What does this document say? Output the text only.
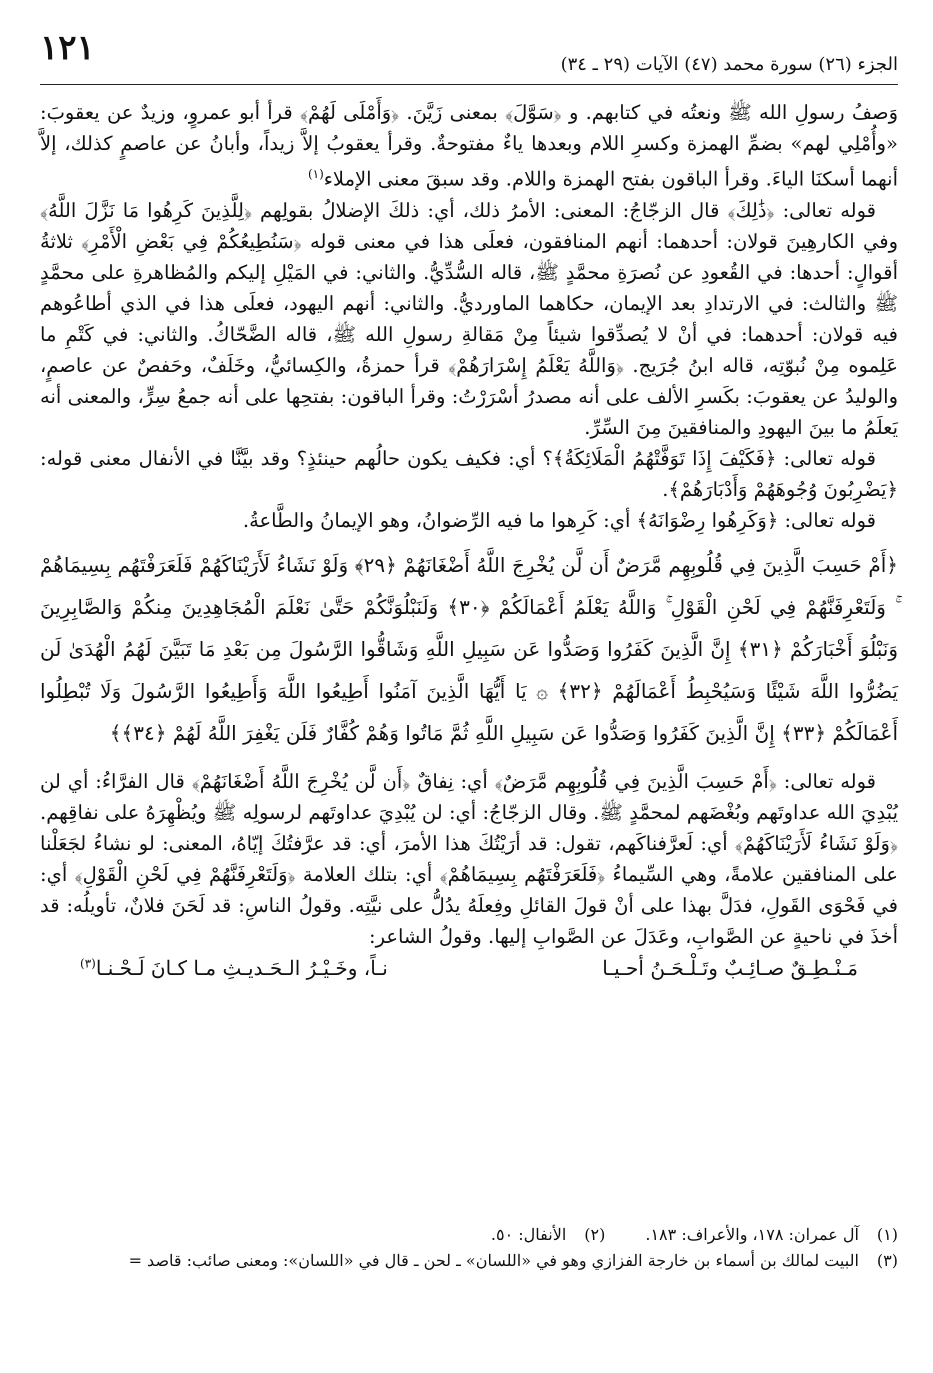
١٢١	الجزء (٢٦) سورة محمد (٤٧) الآيات (٢٩ ـ ٣٤)

وَصفُ رسولِ الله ﷺ ونعتُه في كتابهم. و ﴿سَوَّلَ﴾ بمعنى زَيَّنَ. ﴿وَأَمْلَى لَهُمْ﴾ قرأ أبو عمروٍ، وزيدٌ عن يعقوبَ: «وأُمْلِي لهم» بضمِّ الهمزة وكسرِ اللام وبعدها ياءٌ مفتوحةٌ. وقرأ يعقوبُ إلاَّ زيداً، وأبانُ عن عاصمٍ كذلك، إلاَّ أنهما أسكنَا الياءَ. وقرأ الباقون بفتح الهمزة واللام. وقد سبقَ معنى الإملاء$^{(١)}$

قوله تعالى: ﴿ذَٰلِكَ﴾ قال الزجّاجُ: المعنى: الأمرُ ذلك، أي: ذلكَ الإضلالُ بقولِهم ﴿لِلَّذِينَ كَرِهُوا مَا نَزَّلَ اللَّهُ﴾ وفي الكارهِينَ قولان: أحدهما: أنهم المنافقون، فعلَى هذا في معنى قوله ﴿سَنُطِيعُكُمْ فِي بَعْضِ الْأَمْرِ﴾ ثلاثةُ أقوالٍ: أحدها: في القُعودِ عن نُصرَةِ محمَّدٍ ﷺ، قاله السُّدِّيُّ. والثاني: في المَيْلِ إليكم والمُظاهرةِ على محمَّدٍ ﷺ والثالث: في الارتدادِ بعد الإيمان، حكاهما الماورديُّ. والثاني: أنهم اليهود، فعلَى هذا في الذي أطاعُوهم فيه قولان: أحدهما: في أنْ لا يُصدِّقوا شيئاً مِنْ مَقالةِ رسولِ الله ﷺ، قاله الضَّحّاكُ. والثاني: في كَتْمِ ما عَلِموه مِنْ نُبوّتِه، قاله ابنُ جُرَيج. ﴿وَاللَّهُ يَعْلَمُ إِسْرَارَهُمْ﴾ قرأ حمزةُ، والكِسائيُّ، وخَلَفٌ، وحَفصٌ عن عاصمٍ، والوليدُ عن يعقوبَ: بكَسرِ الألف على أنه مصدرُ أسْرَرْتُ: وقرأ الباقون: بفتحِها على أنه جمعُ سِرٍّ، والمعنى أنه يَعلَمُ ما بينَ اليهودِ والمنافقينَ مِنَ السِّرِّ.

قوله تعالى: ﴿فَكَيْفَ إِذَا تَوَفَّتْهُمُ الْمَلَائِكَةُ﴾؟ أي: فكيف يكون حالُهم حينئذٍ؟ وقد بيَّنَّا في الأنفال معنى قوله: ﴿يَضْرِبُونَ وُجُوهَهُمْ وَأَدْبَارَهُمْ﴾.

قوله تعالى: ﴿وَكَرِهُوا رِضْوَانَهُ﴾ أي: كَرِهوا ما فيه الرِّضوانُ، وهو الإيمانُ والطَّاعةُ.

﴿أَمْ حَسِبَ الَّذِينَ فِي قُلُوبِهِم مَّرَضٌ أَن لَّن يُخْرِجَ اللَّهُ أَضْغَانَهُمْ ﴿٢٩﴾ وَلَوْ نَشَاءُ لَأَرَيْنَاكَهُمْ فَلَعَرَفْتَهُم بِسِيمَاهُمْ ۚ وَلَتَعْرِفَنَّهُمْ فِي لَحْنِ الْقَوْلِ ۚ وَاللَّهُ يَعْلَمُ أَعْمَالَكُمْ ﴿٣٠﴾ وَلَنَبْلُوَنَّكُمْ حَتَّىٰ نَعْلَمَ الْمُجَاهِدِينَ مِنكُمْ وَالصَّابِرِينَ وَنَبْلُوَ أَخْبَارَكُمْ ﴿٣١﴾ إِنَّ الَّذِينَ كَفَرُوا وَصَدُّوا عَن سَبِيلِ اللَّهِ وَشَاقُّوا الرَّسُولَ مِن بَعْدِ مَا تَبَيَّنَ لَهُمُ الْهُدَىٰ لَن يَضُرُّوا اللَّهَ شَيْئًا وَسَيُحْبِطُ أَعْمَالَهُمْ ﴿٣٢﴾ ۞ يَا أَيُّهَا الَّذِينَ آمَنُوا أَطِيعُوا اللَّهَ وَأَطِيعُوا الرَّسُولَ وَلَا تُبْطِلُوا أَعْمَالَكُمْ ﴿٣٣﴾ إِنَّ الَّذِينَ كَفَرُوا وَصَدُّوا عَن سَبِيلِ اللَّهِ ثُمَّ مَاتُوا وَهُمْ كُفَّارٌ فَلَن يَغْفِرَ اللَّهُ لَهُمْ ﴿٣٤﴾﴾

قوله تعالى: ﴿أَمْ حَسِبَ الَّذِينَ فِي قُلُوبِهِم مَّرَضٌ﴾ أي: نِفاقٌ ﴿أَن لَّن يُخْرِجَ اللَّهُ أَضْغَانَهُمْ﴾ قال الفرَّاءُ: أي لن يُبْدِيَ الله عداوتَهم وبُغْضَهم لمحمَّدٍ ﷺ. وقال الزجّاجُ: أي: لن يُبْدِيَ عداوتَهم لرسولِه ﷺ ويُظْهِرَهُ على نفاقِهم. ﴿وَلَوْ نَشَاءُ لَأَرَيْنَاكَهُمْ﴾ أي: لَعرَّفناكَهم، تقول: قد أرَيْتُكَ هذا الأمرَ، أي: قد عرَّفتُكَ إيّاهُ، المعنى: لو نشاءُ لجَعَلْنا على المنافقين علامةً، وهي السِّيماءُ ﴿فَلَعَرَفْتَهُم بِسِيمَاهُمْ﴾ أي: بتلك العلامة ﴿وَلَتَعْرِفَنَّهُمْ فِي لَحْنِ الْقَوْلِ﴾ أي: في فَحْوَى القَولِ، فدَلَّ بهذا على أنْ قولَ القائلِ وفِعلَهُ يدُلُّ على نيَّتِه. وقولُ الناسِ: قد لَحَنَ فلانٌ، تأويلُه: قد أخذَ في ناحيةٍ عن الصَّوابِ، وعَدَلَ عن الصَّوابِ إليها. وقولُ الشاعر:

مَـنْـطِـقٌ صـائِـبٌ وتَـلْـحَـنُ أحـيـا
نـاً، وخَـيْـرُ الـحَـديـثِ مـا كـانَ لَـحْـنـا$^{(٣)}$
(١) آل عمران: ١٧٨، والأعراف: ١٨٣.
(٢) الأنفال: ٥٠.
(٣) البيت لمالك بن أسماء بن خارجة الفزازي وهو في «اللسان» ـ لحن ـ قال في «اللسان»: ومعنى صائب: قاصد =
